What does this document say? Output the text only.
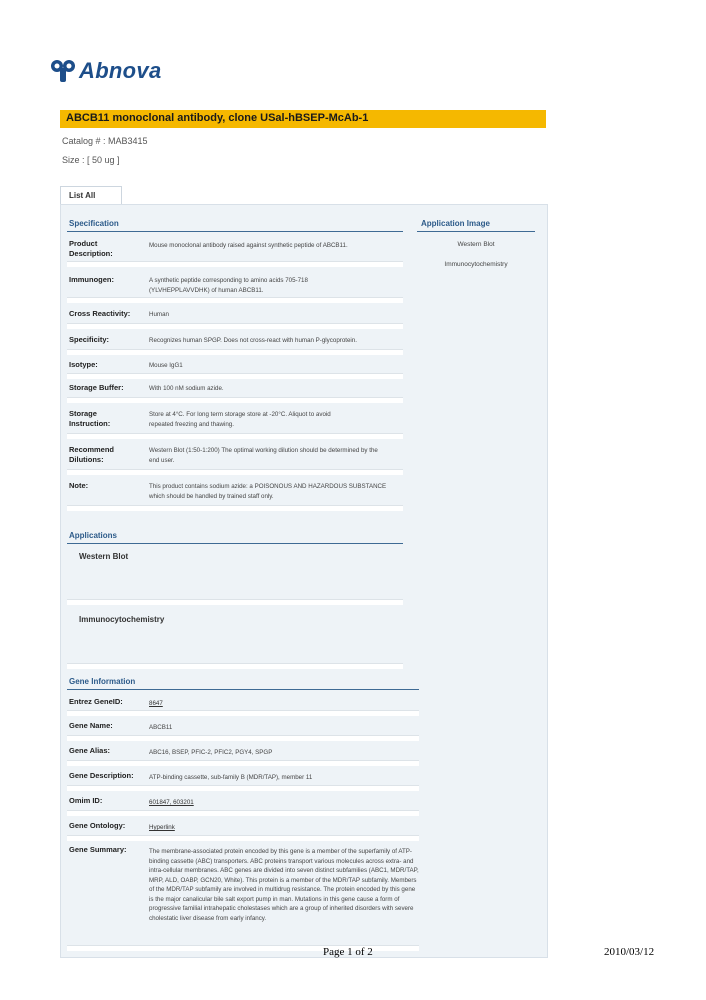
Abnova
ABCB11 monoclonal antibody, clone USal-hBSEP-McAb-1
Catalog # : MAB3415
Size : [ 50 ug ]
List All
Specification
Product Description:
Mouse monoclonal antibody raised against synthetic peptide of ABCB11.
Immunogen:	A synthetic peptide corresponding to amino acids 705-718 (YLVHEPPLAVVDHK) of human ABCB11.
Cross Reactivity:	Human
Specificity:	Recognizes human SPGP. Does not cross-react with human P-glycoprotein.
Isotype:	Mouse IgG1
Storage Buffer:	With 100 nM sodium azide.
Storage Instruction:
Store at 4°C. For long term storage store at -20°C. Aliquot to avoid repeated freezing and thawing.
Recommend Dilutions:
Western Blot (1:50-1:200) The optimal working dilution should be determined by the end user.
Note:	This product contains sodium azide: a POISONOUS AND HAZARDOUS SUBSTANCE which should be handled by trained staff only.
Application Image
Western Blot
Immunocytochemistry
Applications
Western Blot
Immunocytochemistry
Gene Information
Entrez GeneID:	8647
Gene Name:	ABCB11
Gene Alias:	ABC16, BSEP, PFIC-2, PFIC2, PGY4, SPGP
Gene Description:	ATP-binding cassette, sub-family B (MDR/TAP), member 11
Omim ID:	601847, 603201
Gene Ontology:	Hyperlink
Gene Summary:	The membrane-associated protein encoded by this gene is a member of the superfamily of ATP-binding cassette (ABC) transporters. ABC proteins transport various molecules across extra- and intra-cellular membranes. ABC genes are divided into seven distinct subfamilies (ABC1, MDR/TAP, MRP, ALD, OABP, GCN20, White). This protein is a member of the MDR/TAP subfamily. Members of the MDR/TAP subfamily are involved in multidrug resistance. The protein encoded by this gene is the major canalicular bile salt export pump in man. Mutations in this gene cause a form of progressive familial intrahepatic cholestases which are a group of inherited disorders with severe cholestatic liver disease from early infancy.
Page 1 of 2	2010/03/12
